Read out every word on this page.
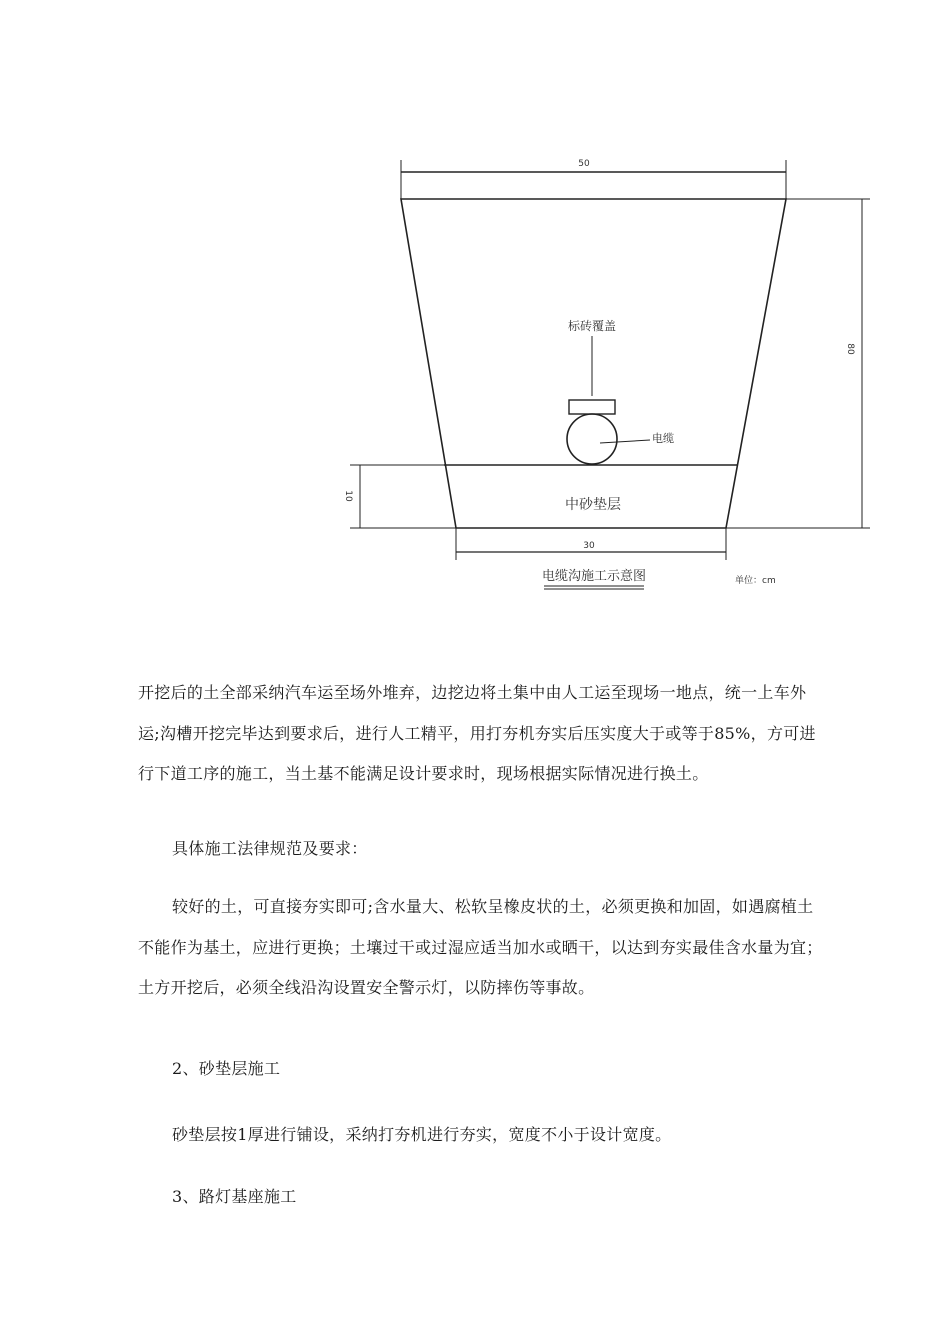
50
80
10
30
标砖覆盖
电缆
中砂垫层
电缆沟施工示意图	单位：cm

开挖后的土全部采纳汽车运至场外堆弃，边挖边将土集中由人工运至现场一地点，统一上车外运;沟槽开挖完毕达到要求后，进行人工精平，用打夯机夯实后压实度大于或等于85%，方可进行下道工序的施工，当土基不能满足设计要求时，现场根据实际情况进行换土。

具体施工法律规范及要求：

较好的土，可直接夯实即可;含水量大、松软呈橡皮状的土，必须更换和加固，如遇腐植土不能作为基土，应进行更换；土壤过干或过湿应适当加水或晒干，以达到夯实最佳含水量为宜；土方开挖后，必须全线沿沟设置安全警示灯，以防摔伤等事故。

2、砂垫层施工

砂垫层按1厚进行铺设，采纳打夯机进行夯实，宽度不小于设计宽度。

3、路灯基座施工
